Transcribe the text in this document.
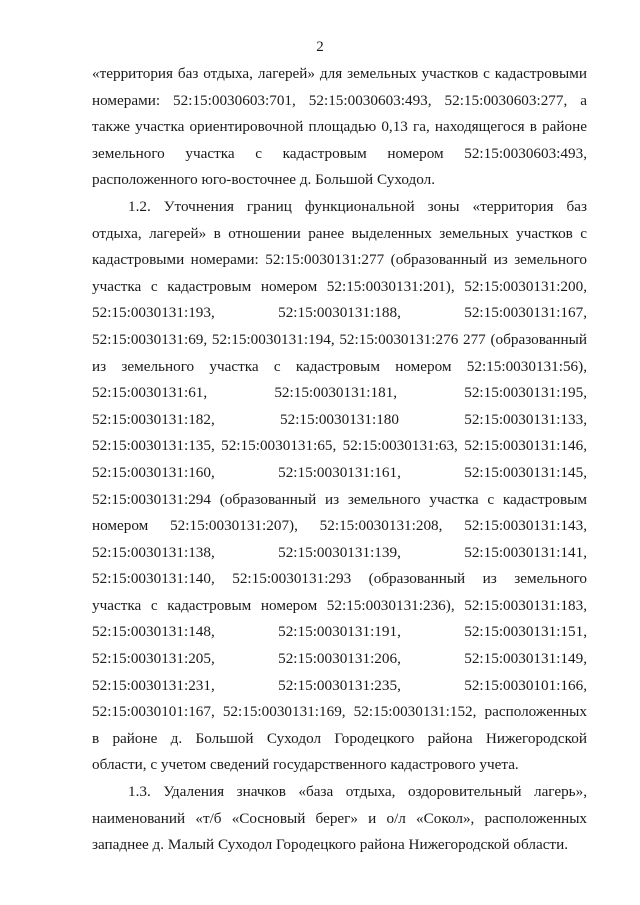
2
«территория баз отдыха, лагерей» для земельных участков с кадастровыми
номерами: 52:15:0030603:701, 52:15:0030603:493, 52:15:0030603:277, а
также участка ориентировочной площадью 0,13 га, находящегося в районе
земельного участка с кадастровым номером 52:15:0030603:493,
расположенного юго-восточнее д. Большой Суходол.
1.2. Уточнения границ функциональной зоны «территория баз
отдыха, лагерей» в отношении ранее выделенных земельных участков с
кадастровыми номерами: 52:15:0030131:277 (образованный из земельного
участка с кадастровым номером 52:15:0030131:201), 52:15:0030131:200,
52:15:0030131:193, 52:15:0030131:188, 52:15:0030131:167,
52:15:0030131:69, 52:15:0030131:194, 52:15:0030131:276 277 (образованный
из земельного участка с кадастровым номером 52:15:0030131:56),
52:15:0030131:61, 52:15:0030131:181, 52:15:0030131:195,
52:15:0030131:182, 52:15:0030131:180 52:15:0030131:133,
52:15:0030131:135, 52:15:0030131:65, 52:15:0030131:63, 52:15:0030131:146,
52:15:0030131:160, 52:15:0030131:161, 52:15:0030131:145,
52:15:0030131:294 (образованный из земельного участка с кадастровым
номером 52:15:0030131:207), 52:15:0030131:208, 52:15:0030131:143,
52:15:0030131:138, 52:15:0030131:139, 52:15:0030131:141,
52:15:0030131:140, 52:15:0030131:293 (образованный из земельного
участка с кадастровым номером 52:15:0030131:236), 52:15:0030131:183,
52:15:0030131:148, 52:15:0030131:191, 52:15:0030131:151,
52:15:0030131:205, 52:15:0030131:206, 52:15:0030131:149,
52:15:0030131:231, 52:15:0030131:235, 52:15:0030101:166,
52:15:0030101:167, 52:15:0030131:169, 52:15:0030131:152, расположенных
в районе д. Большой Суходол Городецкого района Нижегородской
области, с учетом сведений государственного кадастрового учета.
1.3. Удаления значков «база отдыха, оздоровительный лагерь»,
наименований «т/б «Сосновый берег» и о/л «Сокол», расположенных
западнее д. Малый Суходол Городецкого района Нижегородской области.
